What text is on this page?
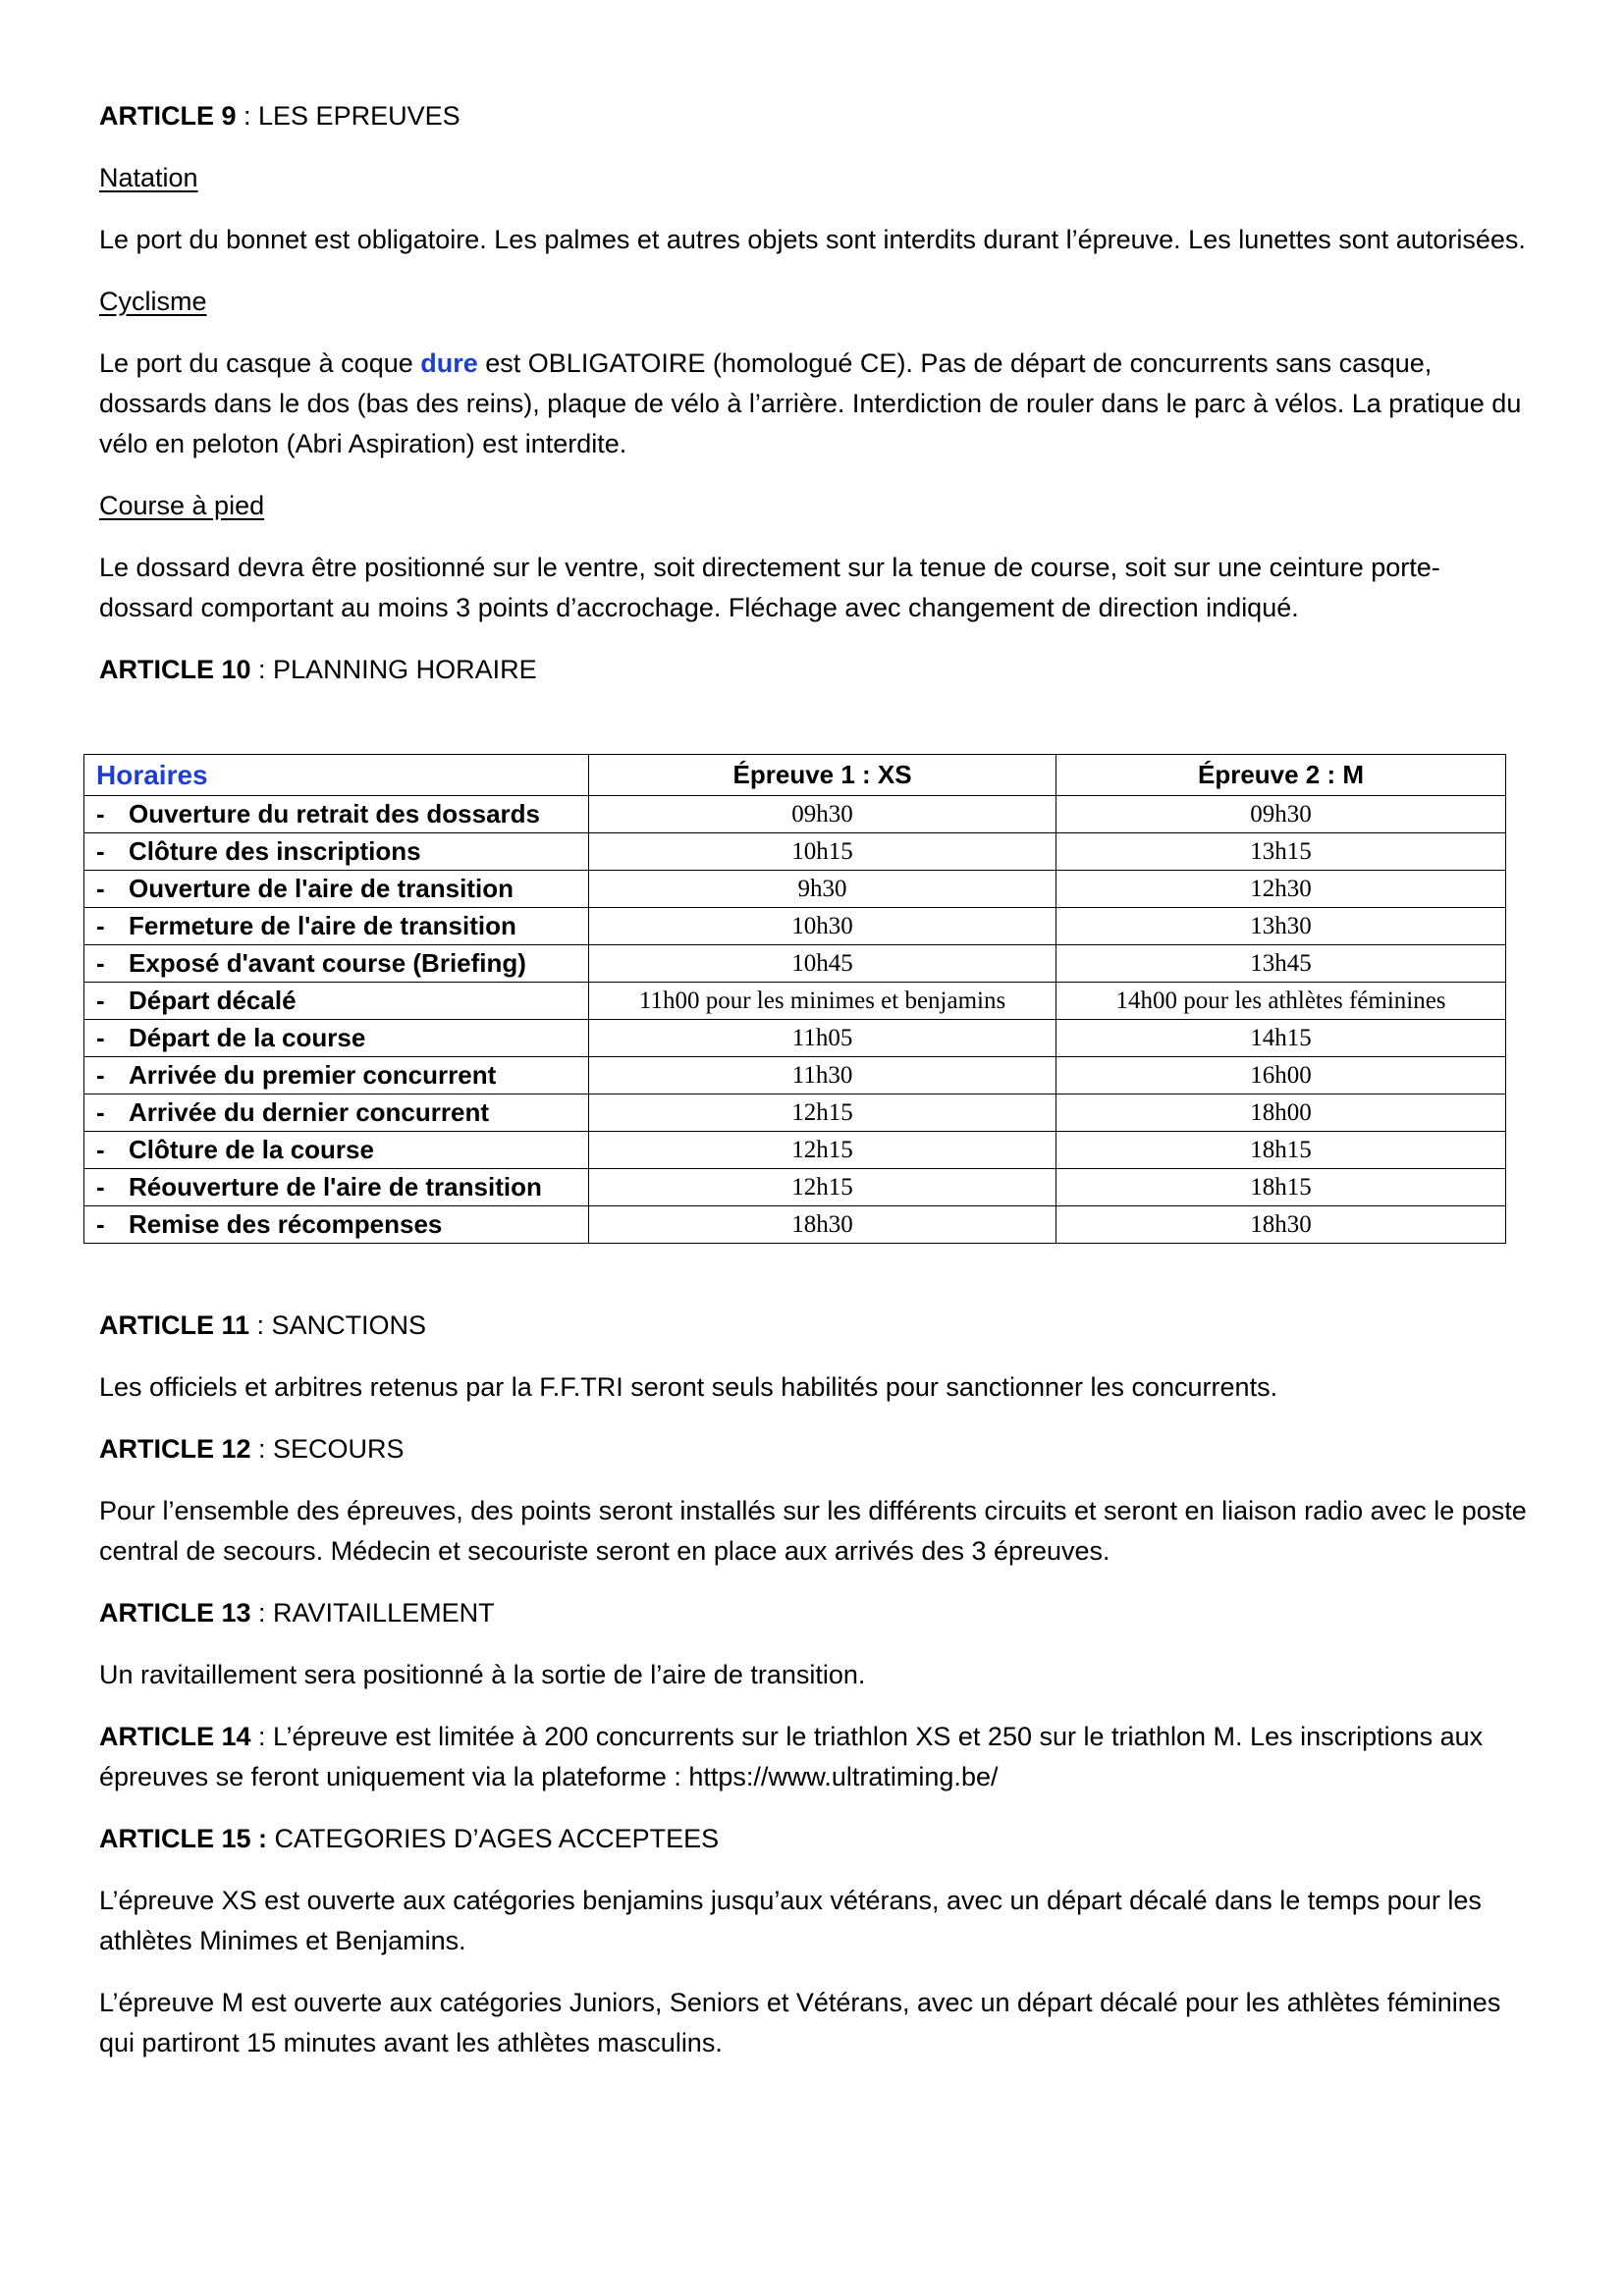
ARTICLE 9 : LES EPREUVES

Natation

Le port du bonnet est obligatoire. Les palmes et autres objets sont interdits durant l’épreuve. Les lunettes sont autorisées.

Cyclisme

Le port du casque à coque dure est OBLIGATOIRE (homologué CE). Pas de départ de concurrents sans casque, dossards dans le dos (bas des reins), plaque de vélo à l’arrière. Interdiction de rouler dans le parc à vélos. La pratique du vélo en peloton (Abri Aspiration) est interdite.

Course à pied

Le dossard devra être positionné sur le ventre, soit directement sur la tenue de course, soit sur une ceinture porte-dossard comportant au moins 3 points d’accrochage. Fléchage avec changement de direction indiqué.

ARTICLE 10 : PLANNING HORAIRE

Horaires	Épreuve 1 : XS	Épreuve 2 : M
- Ouverture du retrait des dossards	09h30	09h30
- Clôture des inscriptions	10h15	13h15
- Ouverture de l'aire de transition	9h30	12h30
- Fermeture de l'aire de transition	10h30	13h30
- Exposé d'avant course (Briefing)	10h45	13h45
- Départ décalé	11h00 pour les minimes et benjamins	14h00 pour les athlètes féminines
- Départ de la course	11h05	14h15
- Arrivée du premier concurrent	11h30	16h00
- Arrivée du dernier concurrent	12h15	18h00
- Clôture de la course	12h15	18h15
- Réouverture de l'aire de transition	12h15	18h15
- Remise des récompenses	18h30	18h30

ARTICLE 11 : SANCTIONS

Les officiels et arbitres retenus par la F.F.TRI seront seuls habilités pour sanctionner les concurrents.

ARTICLE 12 : SECOURS

Pour l’ensemble des épreuves, des points seront installés sur les différents circuits et seront en liaison radio avec le poste central de secours. Médecin et secouriste seront en place aux arrivés des 3 épreuves.

ARTICLE 13 : RAVITAILLEMENT

Un ravitaillement sera positionné à la sortie de l’aire de transition.

ARTICLE 14 : L’épreuve est limitée à 200 concurrents sur le triathlon XS et 250 sur le triathlon M. Les inscriptions aux épreuves se feront uniquement via la plateforme : https://www.ultratiming.be/

ARTICLE 15 : CATEGORIES D’AGES ACCEPTEES

L’épreuve XS est ouverte aux catégories benjamins jusqu’aux vétérans, avec un départ décalé dans le temps pour les athlètes Minimes et Benjamins.

L’épreuve M est ouverte aux catégories Juniors, Seniors et Vétérans, avec un départ décalé pour les athlètes féminines qui partiront 15 minutes avant les athlètes masculins.
